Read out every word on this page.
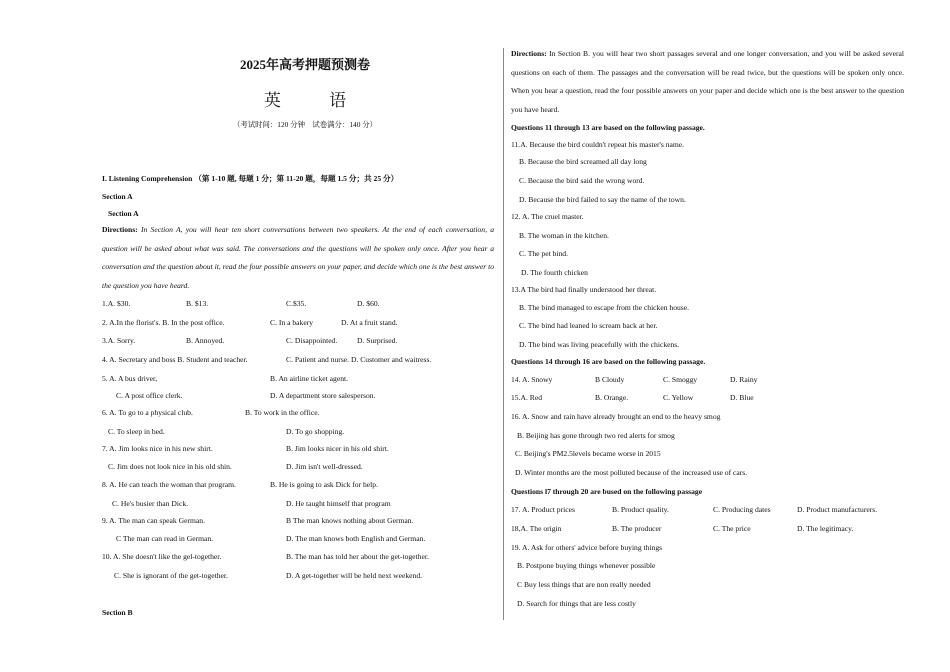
2025年高考押题预测卷
英 语
（考试时间：120 分钟　试卷满分：140 分）
I. Listening Comprehension （第 1-10 题, 每题 1 分；第 11-20 题，每题 1.5 分；共 25 分）
Section A
Section A
Directions: In Section A, you will hear ten short conversations between two speakers. At the end of each conversation, a question will be asked about what was said. The conversations and the questions will be spoken only once. After you hear a conversation and the question about it, read the four possible answers on your paper, and decide which one is the best answer to the question you have heard.
1.A. $30.	B. $13.	C.$35.	D. $60.
2. A.In the florist's. B. In the post office.	C. In a bakery	D. At a fruit stand.
3.A. Sorry.	B. Annoyed.	C. Disappointed.	D. Surprised.
4. A. Secretary and boss B. Student and teacher.	C. Patient and nurse. D. Customer and waitress.
5. A. A bus driver,	B. An airline ticket agent.
C. A post office clerk.	D. A department store salesperson.
6. A. To go to a physical club.	B. To work in the office.
C. To sleep in bed.	D. To go shopping.
7. A. Jim looks nice in his new shirt.	B. Jim looks nicer in his old shirt.
C. Jim does not look nice in his old shin.	D. Jim isn't well-dressed.
8. A. He can teach the woman that program.	B. He is going to ask Dick for help.
C. He's busier than Dick.	D. He taught himself that program
9. A. The man can speak German.	B The man knows nothing about German.
C The man can read in German.	D. The man knows both English and German.
10. A. She doesn't like the gel-together.	B. The man has told her about the get-together.
C. She is ignorant of the get-together.	D. A get-together will be held next weekend.
Section B
Directions: In Section B. you will hear two short passages several and one longer conversation, and you will be asked several questions on each of them. The passages and the conversation will be read twice, but the questions will be spoken only once. When you hear a question, read the four possible answers on your paper and decide which one is the best answer to the question you have heard.
Questions 11 through 13 are based on the following passage.
11.A. Because the bird couldn't repeat his master's name.
B. Because the bird screamed all day long
C. Because the bird said the wrong word.
D. Because the bird failed to say the name of the town.
12. A. The cruel master.
B. The woman in the kitchen.
C. The pet bind.
D. The fourth chicken
13.A The bird had finally understood her threat.
B. The bind managed to escape from the chicken house.
C. The bind had leaned lo scream back at her.
D. The bind was living peacefully with the chickens.
Questions 14 through 16 are based on the following passage.
14. A. Snowy	B Cloudy	C. Smoggy	D. Rainy
15.A. Red	B. Orange.	C. Yellow	D. Blue
16. A. Snow and rain have already brought an end to the heavy smog
B. Beijing has gone through two red alerts for smog
C. Beijing's PM2.5levels became worse in 2015
D. Winter months are the most polluted because of the increased use of cars.
Questions l7 through 20 are bused on the following passage
17. A. Product prices	B. Product quality.	C. Producing dates	D. Product manufacturers.
18,A. The origin	B. The producer	C. The price	D. The legitimacy.
19. A. Ask for others' advice before buying things
B. Postpone buying things whenever possible
C Buy less things that are non really needed
D. Search for things that are less costly
